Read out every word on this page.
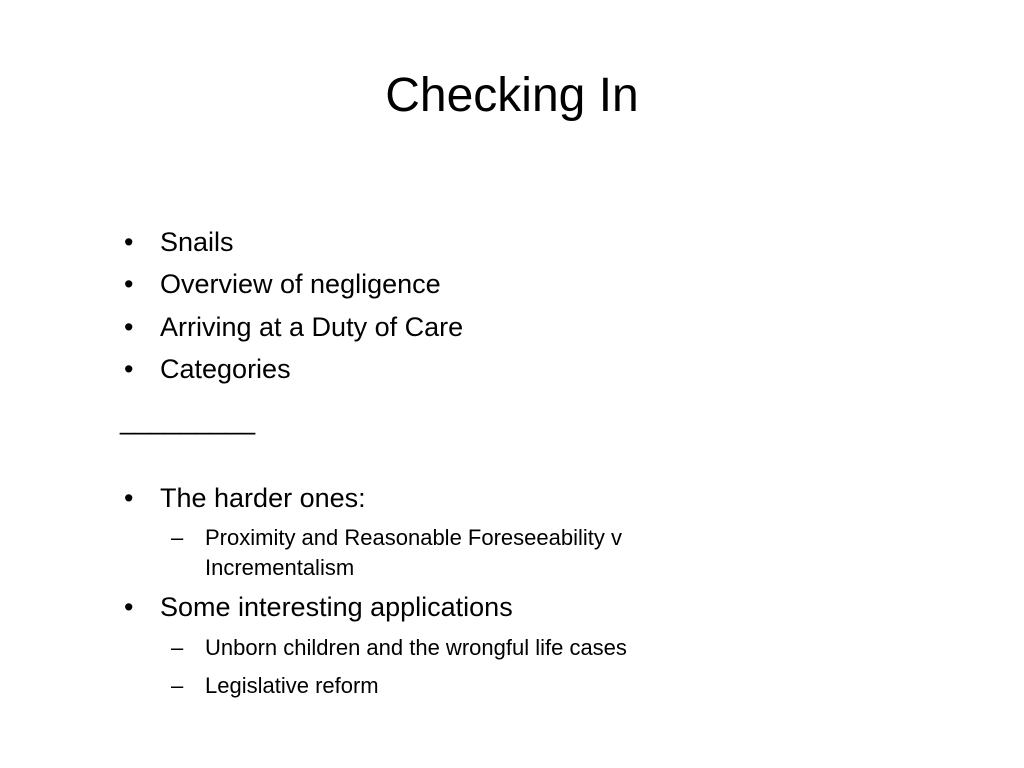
Checking In
• Snails
• Overview of negligence
• Arriving at a Duty of Care
• Categories
_________
• The harder ones:
– Proximity and Reasonable Foreseeability v
Incrementalism
• Some interesting applications
– Unborn children and the wrongful life cases
– Legislative reform
